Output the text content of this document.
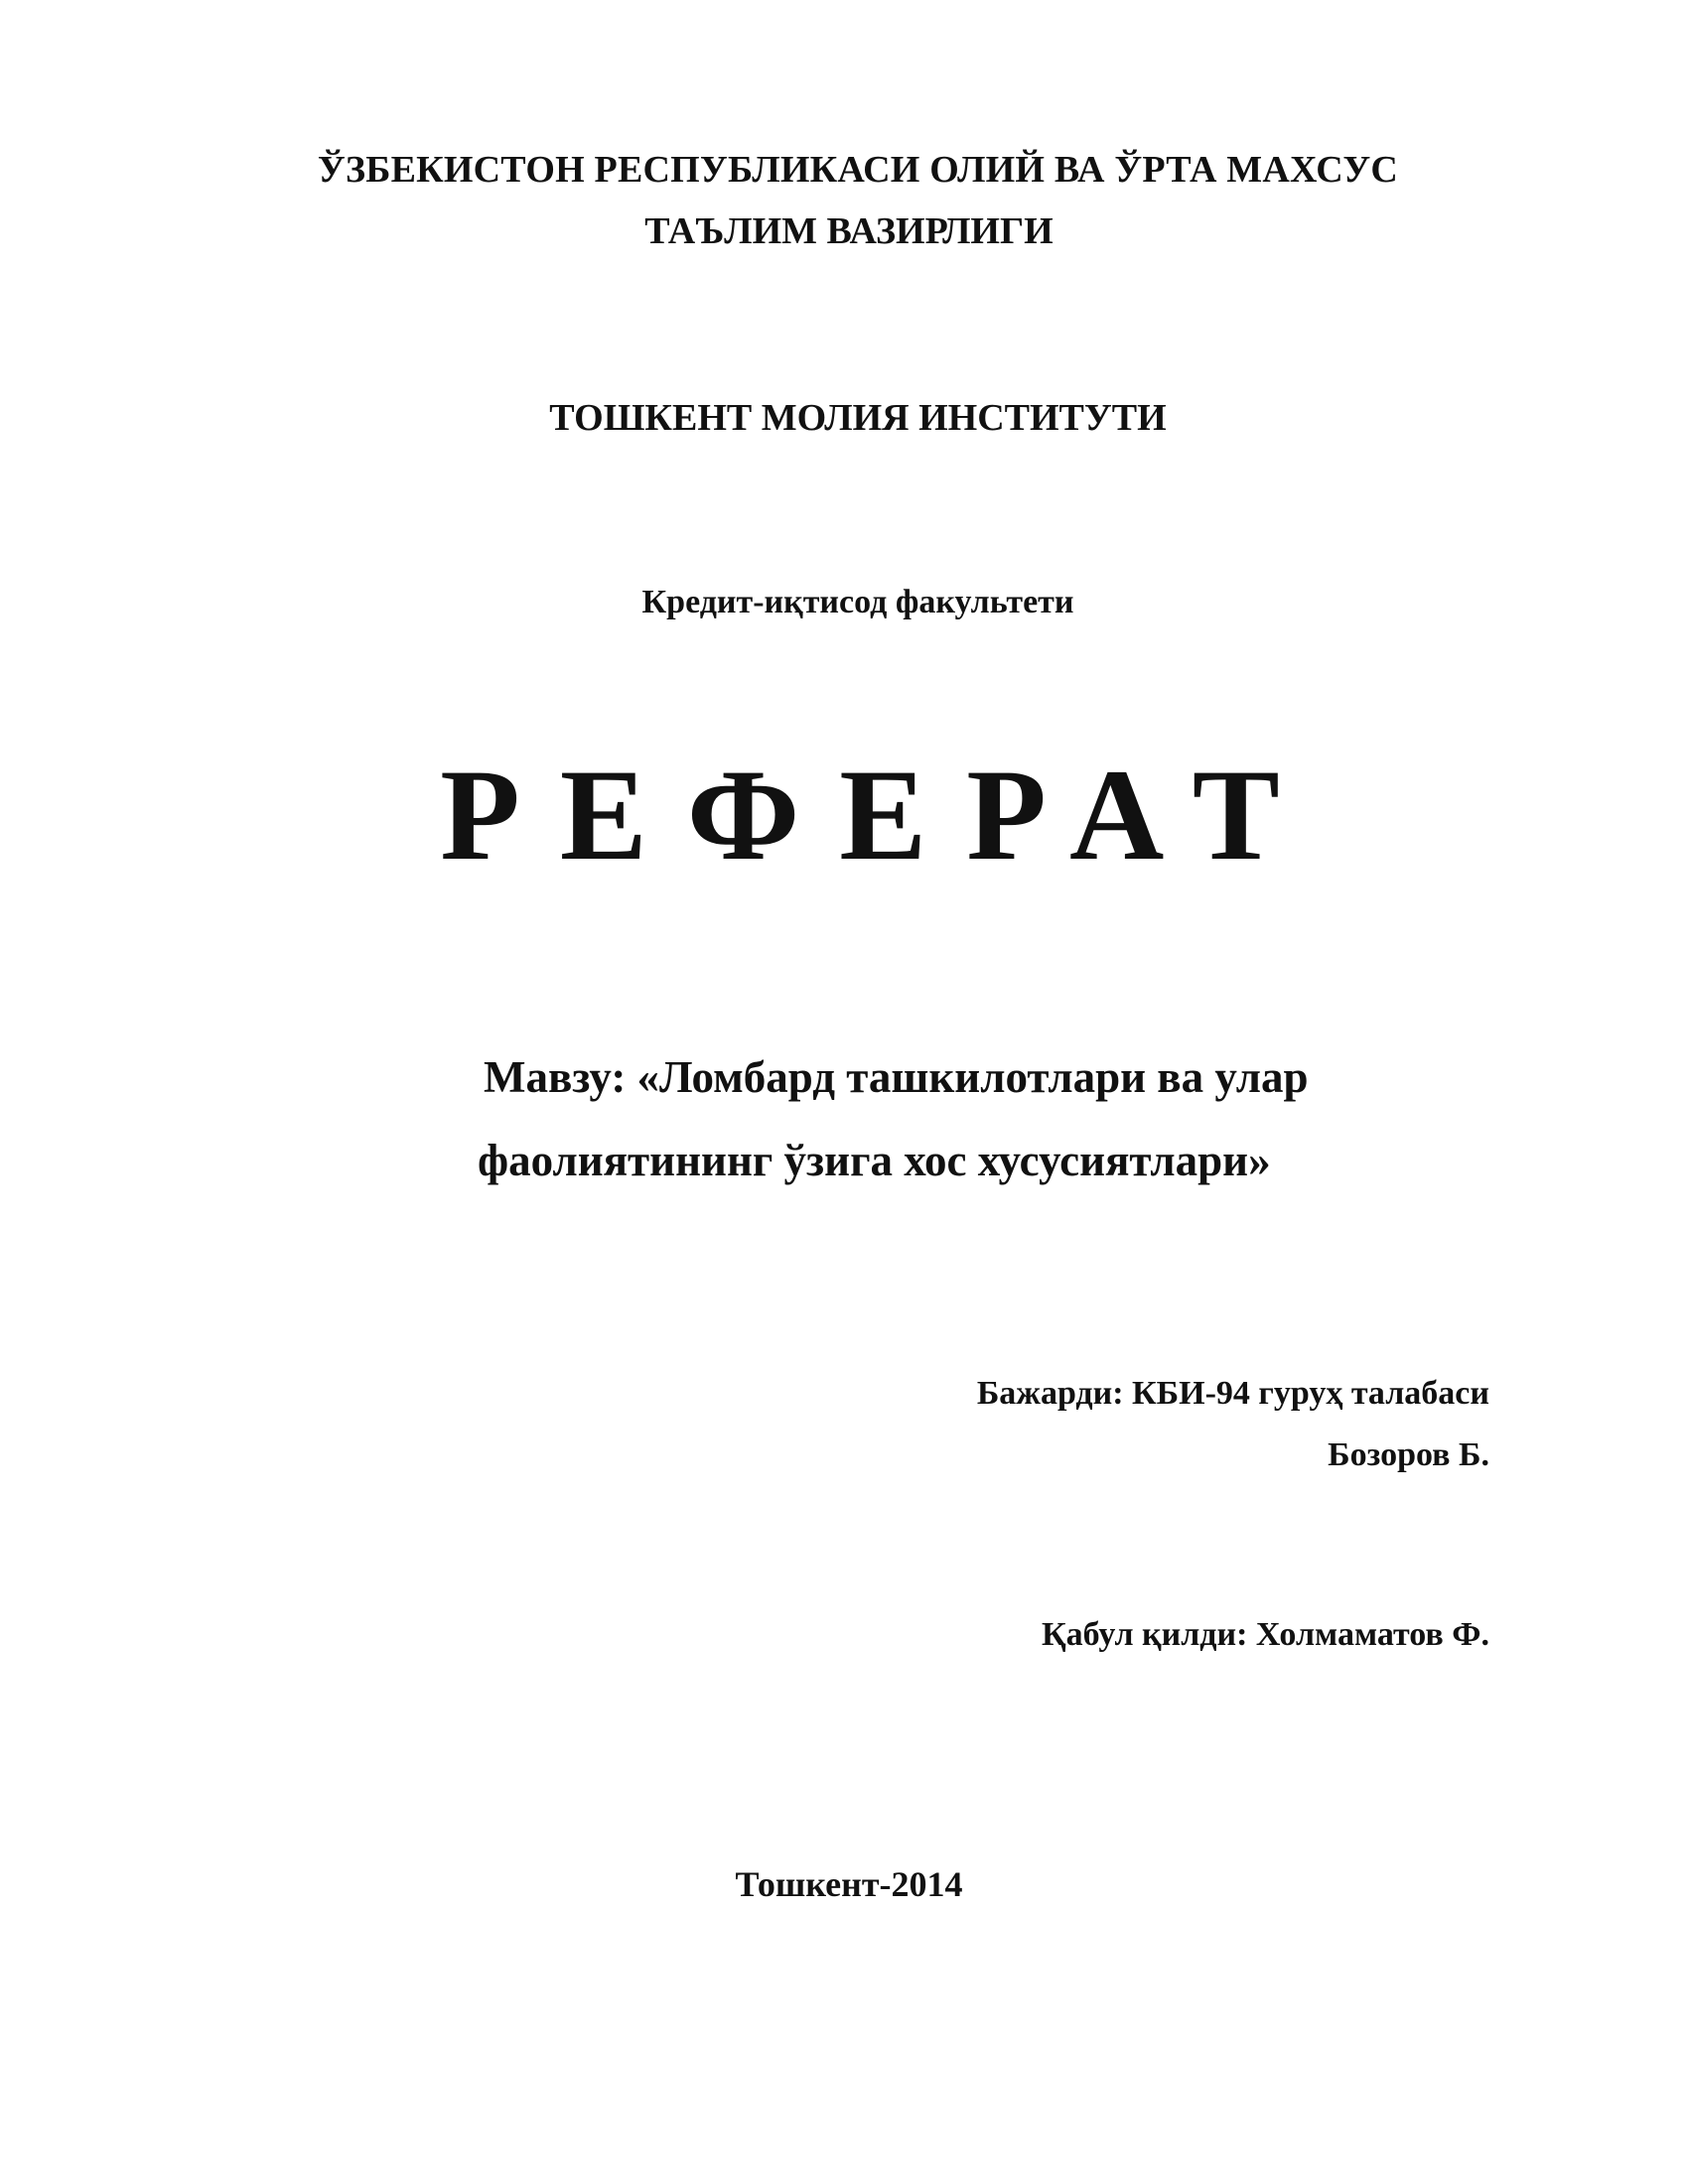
ЎЗБЕКИСТОН РЕСПУБЛИКАСИ ОЛИЙ ВА ЎРТА МАХСУС
ТАЪЛИМ ВАЗИРЛИГИ
ТОШКЕНТ МОЛИЯ ИНСТИТУТИ
Кредит-иқтисод факультети
РЕФЕРАТ
Мавзу: «Ломбард ташкилотлари ва улар
фаолиятининг ўзига хос хусусиятлари»
Бажарди: КБИ-94 гуруҳ талабаси
Бозоров Б.
Қабул қилди: Холмаматов Ф.
Тошкент-2014
